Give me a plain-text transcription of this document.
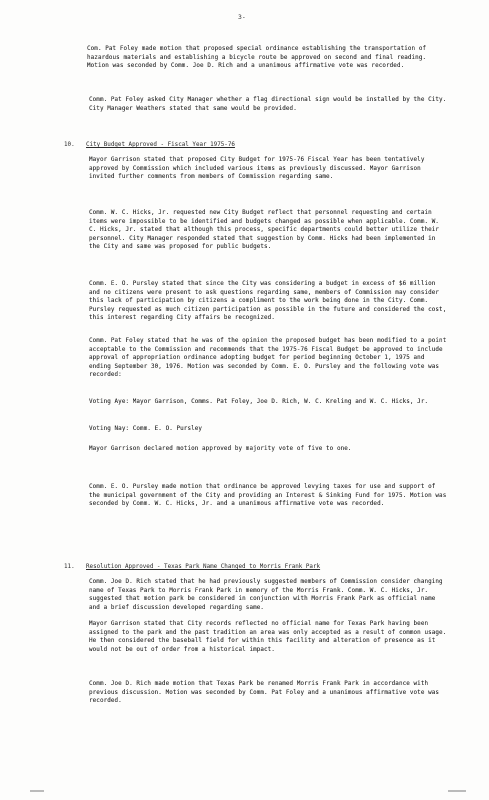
3-

Com. Pat Foley made motion that proposed special ordinance establishing the transportation of hazardous materials and establishing a bicycle route be approved on second and final reading. Motion was seconded by Comm. Joe D. Rich and a unanimous affirmative vote was recorded.

Comm. Pat Foley asked City Manager whether a flag directional sign would be installed by the City. City Manager Weathers stated that same would be provided.

10. City Budget Approved - Fiscal Year 1975-76

Mayor Garrison stated that proposed City Budget for 1975-76 Fiscal Year has been tentatively approved by Commission which included various items as previously discussed. Mayor Garrison invited further comments from members of Commission regarding same.

Comm. W. C. Hicks, Jr. requested new City Budget reflect that personnel requesting and certain items were impossible to be identified and budgets changed as possible when applicable. Comm. W. C. Hicks, Jr. stated that although this process, specific departments could better utilize their personnel. City Manager responded stated that suggestion by Comm. Hicks had been implemented in the City and same was proposed for public budgets.

Comm. E. O. Pursley stated that since the City was considering a budget in excess of $6 million and no citizens were present to ask questions regarding same, members of Commission may consider this lack of participation by citizens a compliment to the work being done in the City. Comm. Pursley requested as much citizen participation as possible in the future and considered the cost, this interest regarding City affairs be recognized.

Comm. Pat Foley stated that he was of the opinion the proposed budget has been modified to a point acceptable to the Commission and recommends that the 1975-76 Fiscal Budget be approved to include approval of appropriation ordinance adopting budget for period beginning October 1, 1975 and ending September 30, 1976. Motion was seconded by Comm. E. O. Pursley and the following vote was recorded:

Voting Aye: Mayor Garrison, Comms. Pat Foley, Joe D. Rich, W. C. Kreling and W. C. Hicks, Jr.

Voting Nay: Comm. E. O. Pursley

Mayor Garrison declared motion approved by majority vote of five to one.

Comm. E. O. Pursley made motion that ordinance be approved levying taxes for use and support of the municipal government of the City and providing an Interest & Sinking Fund for 1975. Motion was seconded by Comm. W. C. Hicks, Jr. and a unanimous affirmative vote was recorded.

11. Resolution Approved - Texas Park Name Changed to Morris Frank Park

Comm. Joe D. Rich stated that he had previously suggested members of Commission consider changing name of Texas Park to Morris Frank Park in memory of the Morris Frank. Comm. W. C. Hicks, Jr. suggested that motion park be considered in conjunction with Morris Frank Park as official name and a brief discussion developed regarding same.

Mayor Garrison stated that City records reflected no official name for Texas Park having been assigned to the park and the past tradition an area was only accepted as a result of common usage. He then considered the baseball field for within this facility and alteration of presence as it would not be out of order from a historical impact.

Comm. Joe D. Rich made motion that Texas Park be renamed Morris Frank Park in accordance with previous discussion. Motion was seconded by Comm. Pat Foley and a unanimous affirmative vote was recorded.
